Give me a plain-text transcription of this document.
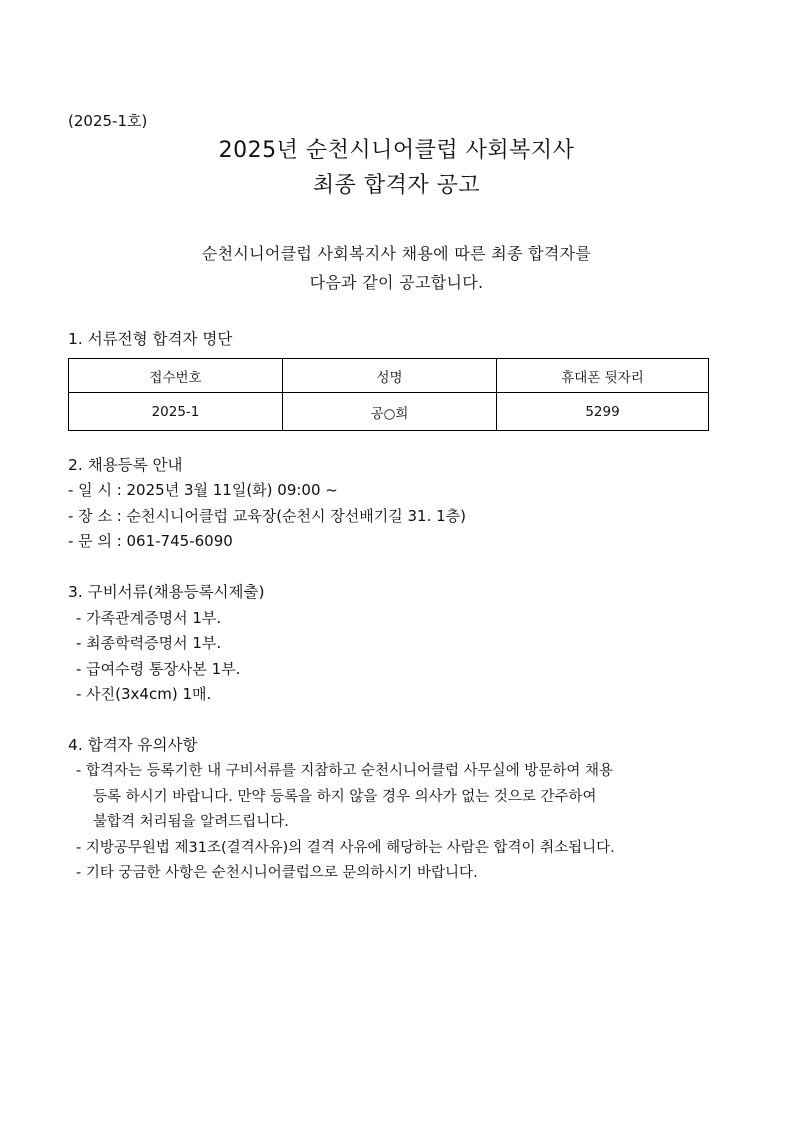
(2025-1호)
2025년 순천시니어클럽 사회복지사
최종 합격자 공고
순천시니어클럽 사회복지사 채용에 따른 최종 합격자를
다음과 같이 공고합니다.
1. 서류전형 합격자 명단
접수번호	성명	휴대폰 뒷자리
2025-1	공○희	5299
2. 채용등록 안내
- 일 시 : 2025년 3월 11일(화) 09:00 ~
- 장 소 : 순천시니어클럽 교육장(순천시 장선배기길 31. 1층)
- 문 의 : 061-745-6090
3. 구비서류(채용등록시제출)
- 가족관계증명서 1부.
- 최종학력증명서 1부.
- 급여수령 통장사본 1부.
- 사진(3x4cm) 1매.
4. 합격자 유의사항
- 합격자는 등록기한 내 구비서류를 지참하고 순천시니어클럽 사무실에 방문하여 채용
등록 하시기 바랍니다. 만약 등록을 하지 않을 경우 의사가 없는 것으로 간주하여
불합격 처리됨을 알려드립니다.
- 지방공무원법 제31조(결격사유)의 결격 사유에 해당하는 사람은 합격이 취소됩니다.
- 기타 궁금한 사항은 순천시니어클럽으로 문의하시기 바랍니다.
